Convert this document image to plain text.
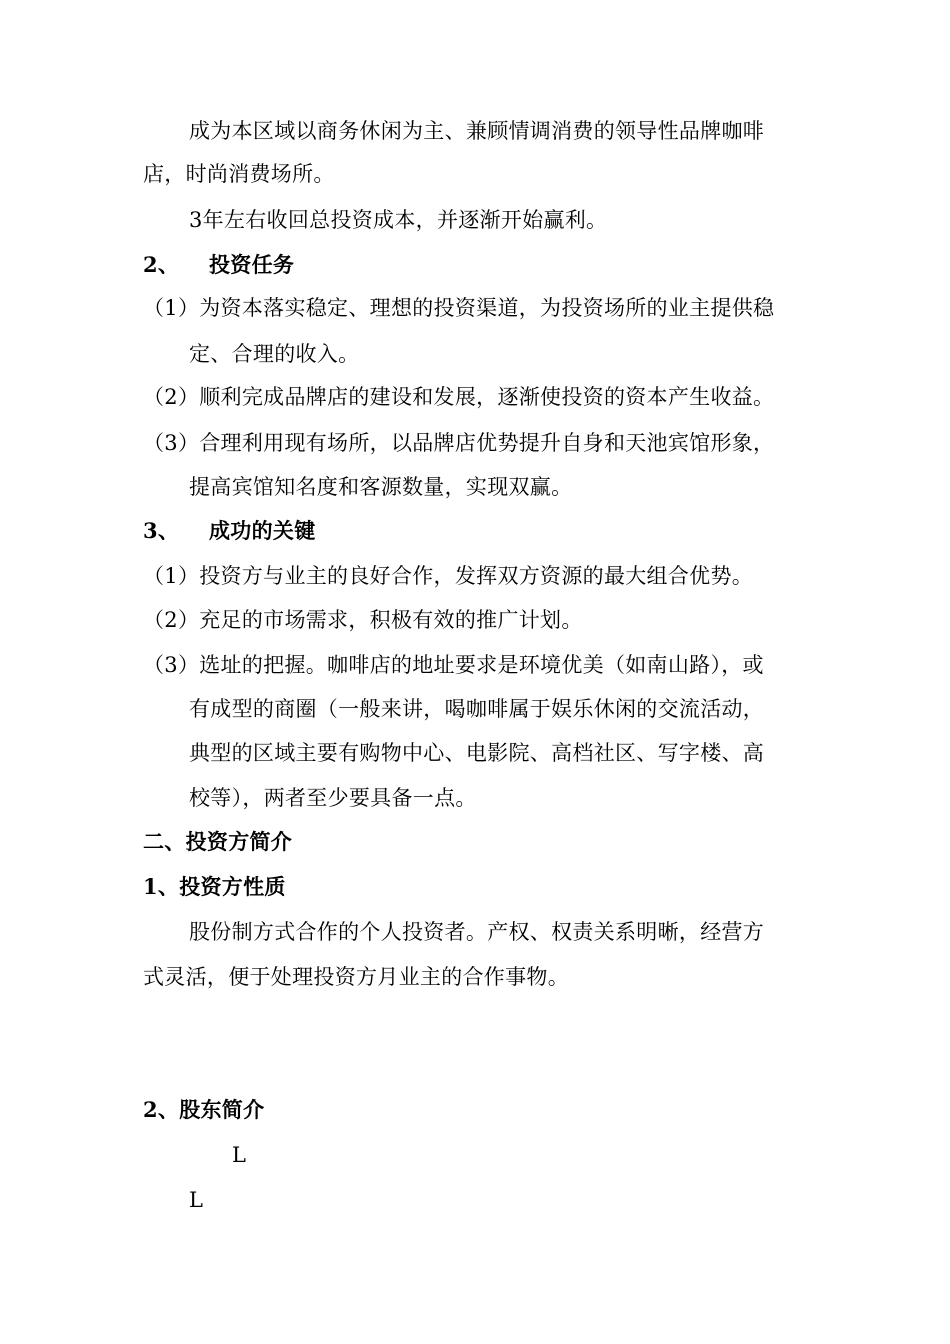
成为本区域以商务休闲为主、兼顾情调消费的领导性品牌咖啡
店，时尚消费场所。
3年左右收回总投资成本，并逐渐开始赢利。
2、 投资任务
（1）为资本落实稳定、理想的投资渠道，为投资场所的业主提供稳
定、合理的收入。
（2）顺利完成品牌店的建设和发展，逐渐使投资的资本产生收益。
（3）合理利用现有场所，以品牌店优势提升自身和天池宾馆形象，
提高宾馆知名度和客源数量，实现双赢。
3、 成功的关键
（1）投资方与业主的良好合作，发挥双方资源的最大组合优势。
（2）充足的市场需求，积极有效的推广计划。
（3）选址的把握。咖啡店的地址要求是环境优美（如南山路），或
有成型的商圈（一般来讲，喝咖啡属于娱乐休闲的交流活动，
典型的区域主要有购物中心、电影院、高档社区、写字楼、高
校等），两者至少要具备一点。
二、投资方简介
1、投资方性质
股份制方式合作的个人投资者。产权、权责关系明晰，经营方
式灵活，便于处理投资方月业主的合作事物。
2、股东简介
L
L
